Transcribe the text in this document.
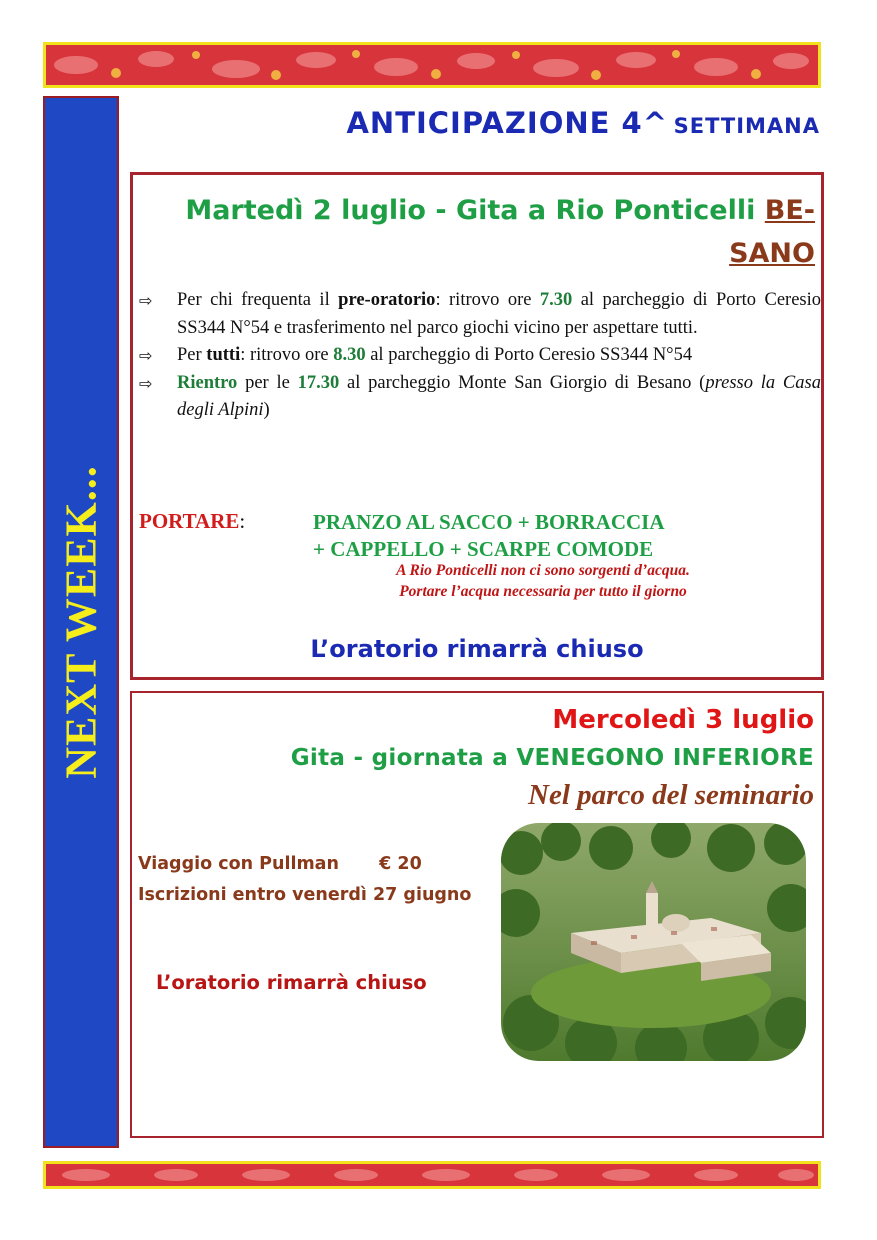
NEXT WEEK...
ANTICIPAZIONE 4^ SETTIMANA
Martedì 2 luglio - Gita a Rio Ponticelli BE-
SANO
⇨ Per chi frequenta il pre-oratorio: ritrovo ore 7.30 al parcheggio di Porto Ceresio SS344 N°54 e trasferimento nel parco giochi vicino per aspettare tutti.
⇨ Per tutti: ritrovo ore 8.30 al parcheggio di Porto Ceresio SS344 N°54
⇨ Rientro per le 17.30 al parcheggio Monte San Giorgio di Besano (presso la Casa degli Alpini)
PORTARE:	PRANZO AL SACCO + BORRACCIA
+ CAPPELLO + SCARPE COMODE
A Rio Ponticelli non ci sono sorgenti d’acqua.
Portare l’acqua necessaria per tutto il giorno
L’oratorio rimarrà chiuso
Mercoledì 3 luglio
Gita - giornata a VENEGONO INFERIORE
Nel parco del seminario
Viaggio con Pullman € 20
Iscrizioni entro venerdì 27 giugno
L’oratorio rimarrà chiuso
